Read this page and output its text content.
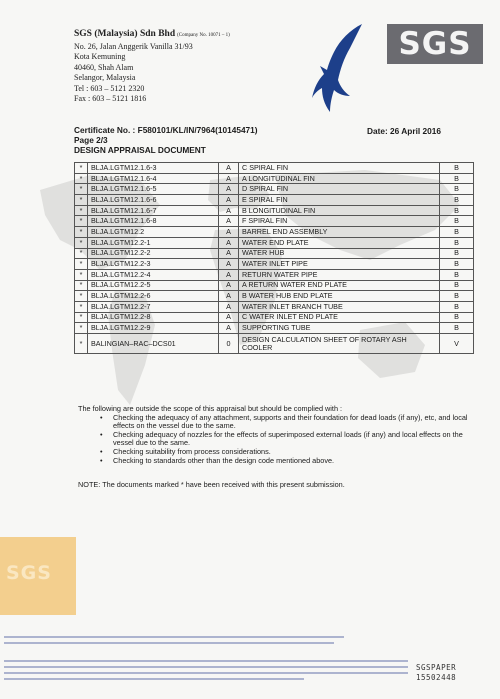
SGS (Malaysia) Sdn Bhd (Company No. 10071 – 1)
No. 26, Jalan Anggerik Vanilla 31/93
Kota Kemuning
40460, Shah Alam
Selangor, Malaysia
Tel : 603 – 5121 2320
Fax : 603 – 5121 1816
SGS
Certificate No. : F580101/KL/IN/7964(10145471)
Page 2/3
DESIGN APPRAISAL DOCUMENT
Date: 26 April 2016
*	BLJA.LGTM12.1.6-3	A	C SPIRAL FIN	B
*	BLJA.LGTM12.1.6-4	A	A LONGITUDINAL FIN	B
*	BLJA.LGTM12.1.6-5	A	D SPIRAL FIN	B
*	BLJA.LGTM12.1.6-6	A	E SPIRAL FIN	B
*	BLJA.LGTM12.1.6-7	A	B LONGITUDINAL FIN	B
*	BLJA.LGTM12.1.6-8	A	F SPIRAL FIN	B
*	BLJA.LGTM12.2	A	BARREL END ASSEMBLY	B
*	BLJA.LGTM12.2-1	A	WATER END PLATE	B
*	BLJA.LGTM12.2-2	A	WATER HUB	B
*	BLJA.LGTM12.2-3	A	WATER INLET PIPE	B
*	BLJA.LGTM12.2-4	A	RETURN WATER PIPE	B
*	BLJA.LGTM12.2-5	A	A RETURN WATER END PLATE	B
*	BLJA.LGTM12.2-6	A	B WATER HUB END PLATE	B
*	BLJA.LGTM12.2-7	A	WATER INLET BRANCH TUBE	B
*	BLJA.LGTM12.2-8	A	C WATER INLET END PLATE	B
*	BLJA.LGTM12.2-9	A	SUPPORTING TUBE	B
*	BALINGIAN–RAC–DCS01	0	DESIGN CALCULATION SHEET OF ROTARY ASH COOLER	V
The following are outside the scope of this appraisal but should be complied with :
• Checking the adequacy of any attachment, supports and their foundation for dead loads (if any), etc, and local effects on the vessel due to the same.
• Checking adequacy of nozzles for the effects of superimposed external loads (if any) and local effects on the vessel due to the same.
• Checking suitability from process considerations.
• Checking to standards other than the design code mentioned above.
NOTE: The documents marked * have been received with this present submission.
SGS
SGSPAPER
15502448
